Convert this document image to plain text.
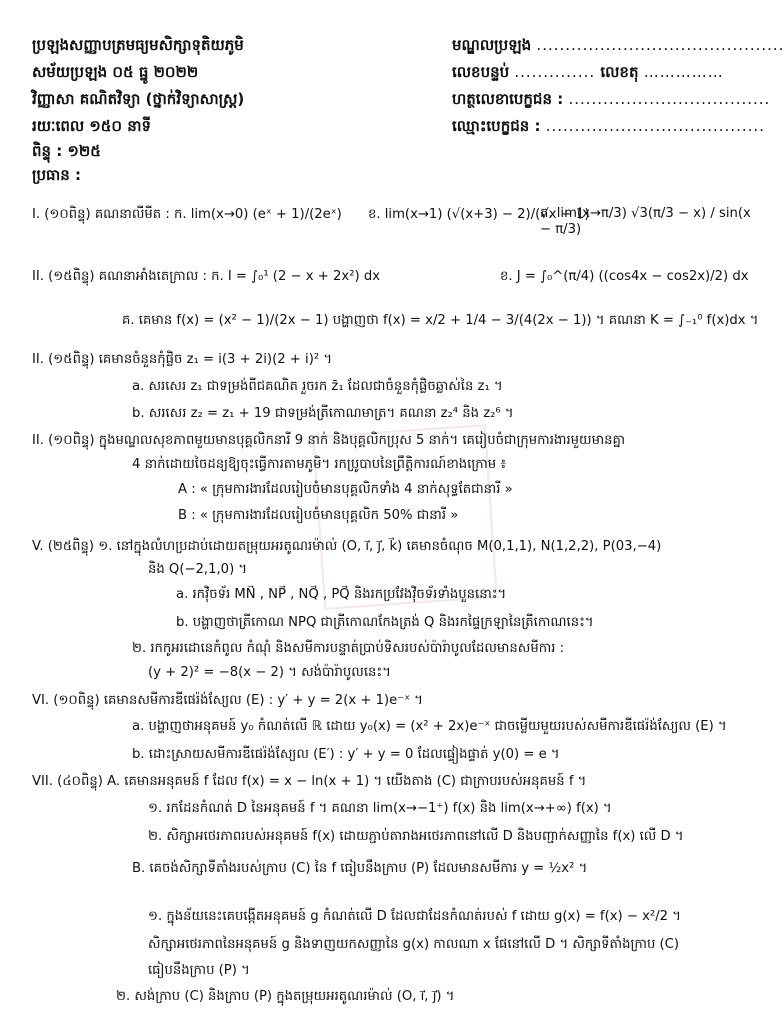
ប្រឡងសញ្ញាបត្រមធ្យមសិក្សាទុតិយភូមិ
សម័យប្រឡង ០៥ ធ្នូ ២០២២
វិញ្ញាសា គណិតវិទ្យា (ថ្នាក់វិទ្យាសាស្ត្រ)
រយៈពេល ១៥០ នាទី
ពិន្ទុ : ១២៥
ប្រធាន :
មណ្ឌលប្រឡង ...........................................
លេខបន្ទប់ .............. លេខតុ ……………
ហត្ថលេខាបេក្ខជន : ...................................
ឈ្មោះបេក្ខជន : ......................................
I. (១០ពិន្ទុ) គណនាលីមីត : ក. lim(x→0) (eˣ + 1)/(2eˣ)	ខ. lim(x→1) (√(x+3) − 2)/(√x − 1)
គ. lim(x→π/3) √3(π/3 − x) / sin(x − π/3)
II. (១៥ពិន្ទុ) គណនាអាំងតេក្រាល : ក. I = ∫₀¹ (2 − x + 2x²) dx	ខ. J = ∫₀^(π/4) ((cos4x − cos2x)/2) dx
គ. គេមាន f(x) = (x² − 1)/(2x − 1) បង្ហាញថា f(x) = x/2 + 1/4 − 3/(4(2x − 1)) ។ គណនា K = ∫₋₁⁰ f(x)dx ។
II. (១៥ពិន្ទុ) គេមានចំនួនកុំផ្លិច z₁ = i(3 + 2i)(2 + i)² ។
a. សរសេរ z₁ ជាទម្រង់ពីជគណិត រួចរក z̄₁ ដែលជាចំនួនកុំផ្លិចឆ្លាស់នៃ z₁ ។
b. សរសេរ z₂ = z₁ + 19 ជាទម្រង់ត្រីកោណមាត្រ។ គណនា z₂⁴ និង z₂⁶ ។
II. (១០ពិន្ទុ) ក្នុងមណ្ឌលសុខភាពមួយមានបុគ្គលិកនារី 9 នាក់ និងបុគ្គលិកប្រុស 5 នាក់។ គេរៀបចំជាក្រុមការងារមួយមានគ្នា
4 នាក់ដោយចៃដន្យឱ្យចុះធ្វើការតាមភូមិ។ រកប្រូបាបនៃព្រឹត្តិការណ៍ខាងក្រោម ៖
A : « ក្រុមការងារដែលរៀបចំមានបុគ្គលិកទាំង 4 នាក់សុទ្ធតែជានារី »
B : « ក្រុមការងារដែលរៀបចំមានបុគ្គលិក 50% ជានារី »
V. (២៥ពិន្ទុ) ១. នៅក្នុងលំហប្រដាប់ដោយតម្រុយអរតូណរម៉ាល់ (O, i⃗, j⃗, k⃗) គេមានចំណុច M(0,1,1), N(1,2,2), P(03,−4)
និង Q(−2,1,0) ។
a. រកវ៉ិចទ័រ MN⃗ , NP⃗ , NQ⃗ , PQ⃗ និងរកប្រវែងវ៉ិចទ័រទាំងបួននោះ។
b. បង្ហាញថាត្រីកោណ NPQ ជាត្រីកោណកែងត្រង់ Q និងរកផ្ទៃក្រឡានៃត្រីកោណនេះ។
២. រកកូអរដោនេកំពូល កំណុំ និងសមីការបន្ទាត់ប្រាប់ទិសរបស់ប៉ារ៉ាបូលដែលមានសមីការ :
(y + 2)² = −8(x − 2) ។ សង់ប៉ារ៉ាបូលនេះ។
VI. (១០ពិន្ទុ) គេមានសមីការឌីផេរ៉ង់ស្យែល (E) : y′ + y = 2(x + 1)e⁻ˣ ។
a. បង្ហាញថាអនុគមន៍ y₀ កំណត់លើ ℝ ដោយ y₀(x) = (x² + 2x)e⁻ˣ ជាចម្លើយមួយរបស់សមីការឌីផេរ៉ង់ស្យែល (E) ។
b. ដោះស្រាយសមីការឌីផេរ៉ង់ស្យែល (E′) : y′ + y = 0 ដែលផ្ទៀងផ្ទាត់ y(0) = e ។
VII. (៤០ពិន្ទុ) A. គេមានអនុគមន៍ f ដែល f(x) = x − ln(x + 1) ។ យើងតាង (C) ជាក្រាបរបស់អនុគមន៍ f ។
១. រកដែនកំណត់ D នៃអនុគមន៍ f ។ គណនា lim(x→−1⁺) f(x) និង lim(x→+∞) f(x) ។
២. សិក្សាអថេរភាពរបស់អនុគមន៍ f(x) ដោយភ្ជាប់តារាងអថេរភាពនៅលើ D និងបញ្ជាក់សញ្ញានៃ f(x) លើ D ។
B. គេចង់សិក្សាទីតាំងរបស់ក្រាប (C) នៃ f ធៀបនឹងក្រាប (P) ដែលមានសមីការ y = ½x² ។
១. ក្នុងន័យនេះគេបង្កើតអនុគមន៍ g កំណត់លើ D ដែលជាដែនកំណត់របស់ f ដោយ g(x) = f(x) − x²/2 ។
សិក្សាអថេរភាពនៃអនុគមន៍ g និងទាញយកសញ្ញានៃ g(x) កាលណា x ផែនៅលើ D ។ សិក្សាទីតាំងក្រាប (C)
ធៀបនឹងក្រាប (P) ។
២. សង់ក្រាប (C) និងក្រាប (P) ក្នុងតម្រុយអរតូណរម៉ាល់ (O, i⃗, j⃗) ។
